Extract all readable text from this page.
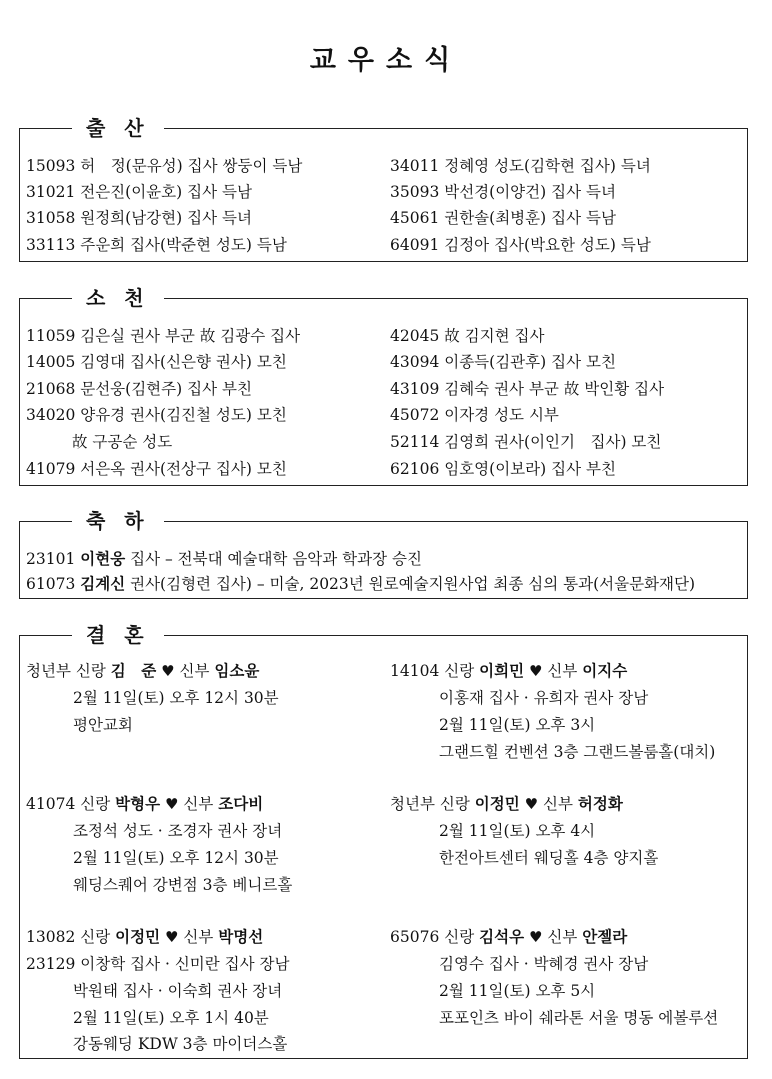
교우소식
출 산
15093 허　정(문유성) 집사 쌍둥이 득남
31021 전은진(이윤호) 집사 득남
31058 원정희(남강현) 집사 득녀
33113 주운희 집사(박준현 성도) 득남
34011 정혜영 성도(김학현 집사) 득녀
35093 박선경(이양건) 집사 득녀
45061 권한솔(최병훈) 집사 득남
64091 김정아 집사(박요한 성도) 득남
소 천
11059 김은실 권사 부군 故 김광수 집사
14005 김영대 집사(신은향 권사) 모친
21068 문선웅(김현주) 집사 부친
34020 양유경 권사(김진철 성도) 모친
故 구공순 성도
41079 서은옥 권사(전상구 집사) 모친
42045 故 김지현 집사
43094 이종득(김관후) 집사 모친
43109 김혜숙 권사 부군 故 박인황 집사
45072 이자경 성도 시부
52114 김영희 권사(이인기　집사) 모친
62106 임호영(이보라) 집사 부친
축 하
23101 이현웅 집사 – 전북대 예술대학 음악과 학과장 승진
61073 김계신 권사(김형련 집사) – 미술, 2023년 원로예술지원사업 최종 심의 통과(서울문화재단)
결 혼
청년부 신랑 김　준 ♥ 신부 임소윤
2월 11일(토) 오후 12시 30분
평안교회
14104 신랑 이희민 ♥ 신부 이지수
이홍재 집사 · 유희자 권사 장남
2월 11일(토) 오후 3시
그랜드힐 컨벤션 3층 그랜드볼룸홀(대치)
41074 신랑 박형우 ♥ 신부 조다비
조정석 성도 · 조경자 권사 장녀
2월 11일(토) 오후 12시 30분
웨딩스퀘어 강변점 3층 베니르홀
청년부 신랑 이정민 ♥ 신부 허정화
2월 11일(토) 오후 4시
한전아트센터 웨딩홀 4층 양지홀
13082 신랑 이정민 ♥ 신부 박명선
23129 이창학 집사 · 신미란 집사 장남
박원태 집사 · 이숙희 권사 장녀
2월 11일(토) 오후 1시 40분
강동웨딩 KDW 3층 마이더스홀
65076 신랑 김석우 ♥ 신부 안젤라
김영수 집사 · 박혜경 권사 장남
2월 11일(토) 오후 5시
포포인츠 바이 쉐라톤 서울 명동 에볼루션
